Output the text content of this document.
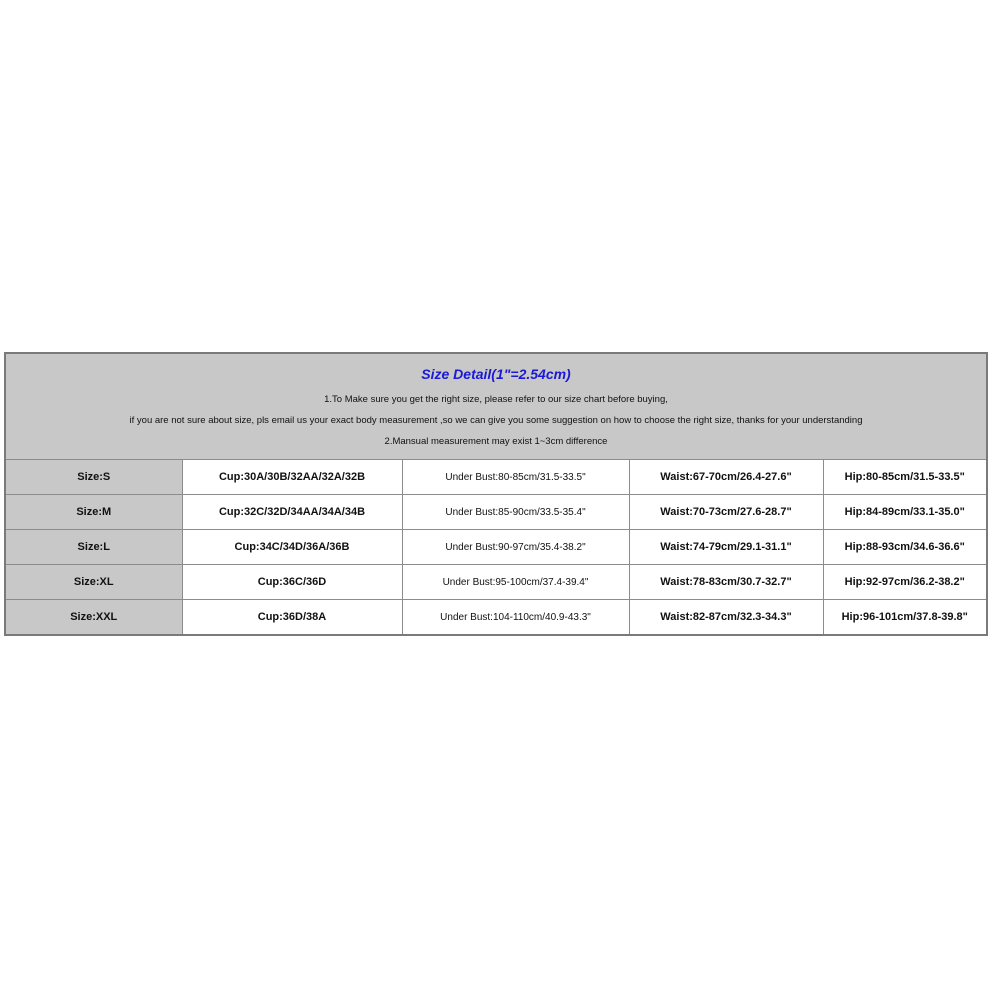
Size Detail(1"=2.54cm)
1.To Make sure you get the right size, please refer to our size chart before buying,
if you are not sure about size, pls email us your exact body measurement ,so we can give you some suggestion on how to choose the right size, thanks for your understanding
2.Mansual measurement may exist 1~3cm difference
Size:S	Cup:30A/30B/32AA/32A/32B	Under Bust:80-85cm/31.5-33.5"	Waist:67-70cm/26.4-27.6"	Hip:80-85cm/31.5-33.5"
Size:M	Cup:32C/32D/34AA/34A/34B	Under Bust:85-90cm/33.5-35.4"	Waist:70-73cm/27.6-28.7"	Hip:84-89cm/33.1-35.0"
Size:L	Cup:34C/34D/36A/36B	Under Bust:90-97cm/35.4-38.2"	Waist:74-79cm/29.1-31.1"	Hip:88-93cm/34.6-36.6"
Size:XL	Cup:36C/36D	Under Bust:95-100cm/37.4-39.4"	Waist:78-83cm/30.7-32.7"	Hip:92-97cm/36.2-38.2"
Size:XXL	Cup:36D/38A	Under Bust:104-110cm/40.9-43.3"	Waist:82-87cm/32.3-34.3"	Hip:96-101cm/37.8-39.8"
